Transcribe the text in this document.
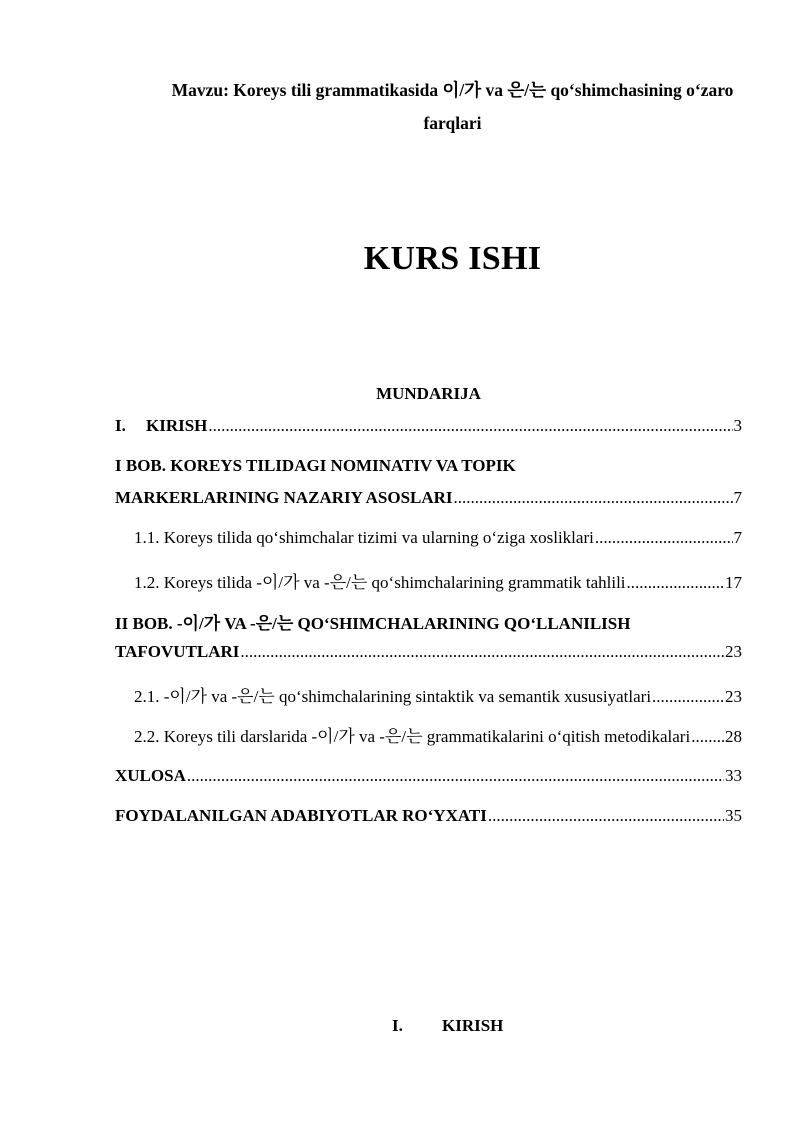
Mavzu: Koreys tili grammatikasida 이/가 va 은/는 qo‘shimchasining o‘zaro
farqlari
KURS ISHI
MUNDARIJA
I. KIRISH .....	3
I BOB. KOREYS TILIDAGI NOMINATIV VA TOPIK
MARKERLARINING NAZARIY ASOSLARI .....	7
1.1. Koreys tilida qo‘shimchalar tizimi va ularning o‘ziga xosliklari .....	7
1.2. Koreys tilida -이/가 va -은/는 qo‘shimchalarining grammatik tahlili .....	17
II BOB. -이/가 VA -은/는 QO‘SHIMCHALARINING QO‘LLANILISH
TAFOVUTLARI .....	23
2.1. -이/가 va -은/는 qo‘shimchalarining sintaktik va semantik xususiyatlari .....	23
2.2. Koreys tili darslarida -이/가 va -은/는 grammatikalarini o‘qitish metodikalari ..... 28
XULOSA .....	33
FOYDALANILGAN ADABIYOTLAR RO‘YXATI .....	35
I. KIRISH
